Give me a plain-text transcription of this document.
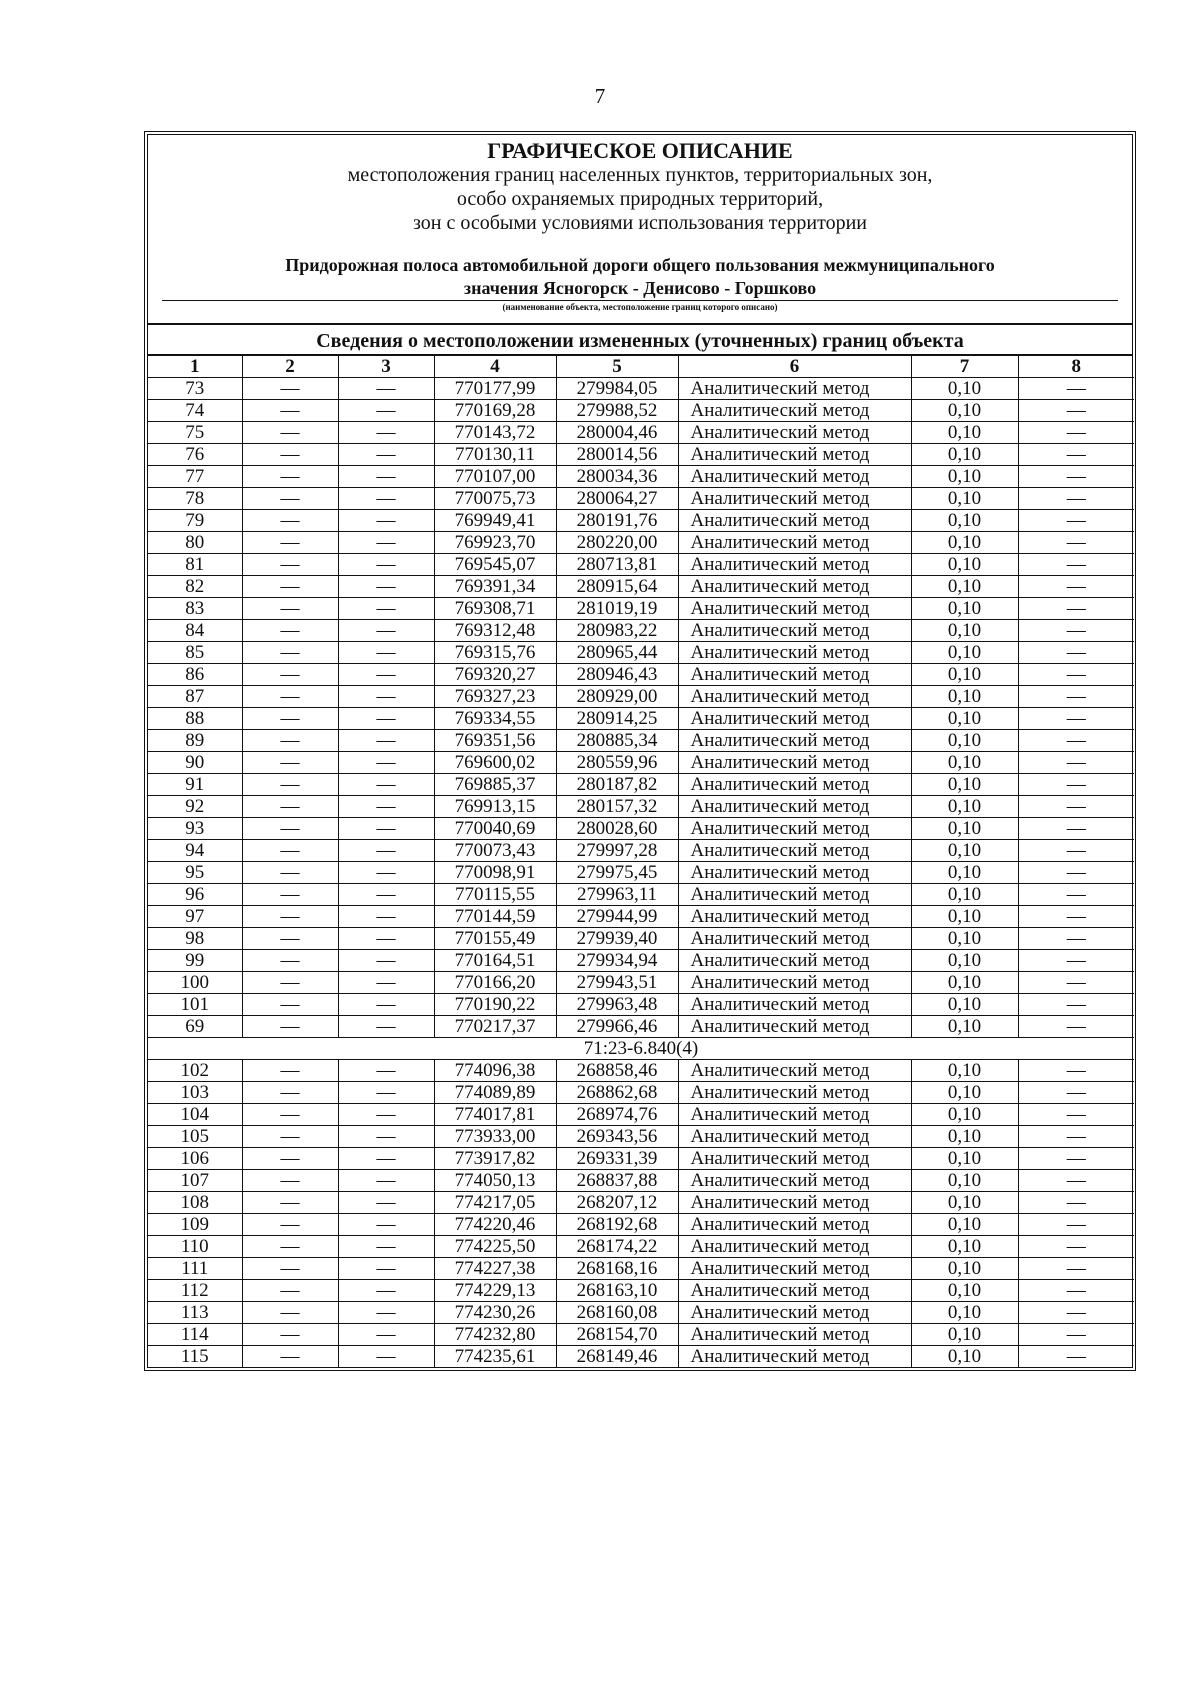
7
ГРАФИЧЕСКОЕ ОПИСАНИЕ
местоположения границ населенных пунктов, территориальных зон,
особо охраняемых природных территорий,
зон с особыми условиями использования территории
Придорожная полоса автомобильной дороги общего пользования межмуниципального
значения Ясногорск - Денисово - Горшково
(наименование объекта, местоположение границ которого описано)
Сведения о местоположении измененных (уточненных) границ объекта
1	2	3	4	5	6	7	8
73	—	—	770177,99	279984,05	Аналитический метод	0,10	—
74	—	—	770169,28	279988,52	Аналитический метод	0,10	—
75	—	—	770143,72	280004,46	Аналитический метод	0,10	—
76	—	—	770130,11	280014,56	Аналитический метод	0,10	—
77	—	—	770107,00	280034,36	Аналитический метод	0,10	—
78	—	—	770075,73	280064,27	Аналитический метод	0,10	—
79	—	—	769949,41	280191,76	Аналитический метод	0,10	—
80	—	—	769923,70	280220,00	Аналитический метод	0,10	—
81	—	—	769545,07	280713,81	Аналитический метод	0,10	—
82	—	—	769391,34	280915,64	Аналитический метод	0,10	—
83	—	—	769308,71	281019,19	Аналитический метод	0,10	—
84	—	—	769312,48	280983,22	Аналитический метод	0,10	—
85	—	—	769315,76	280965,44	Аналитический метод	0,10	—
86	—	—	769320,27	280946,43	Аналитический метод	0,10	—
87	—	—	769327,23	280929,00	Аналитический метод	0,10	—
88	—	—	769334,55	280914,25	Аналитический метод	0,10	—
89	—	—	769351,56	280885,34	Аналитический метод	0,10	—
90	—	—	769600,02	280559,96	Аналитический метод	0,10	—
91	—	—	769885,37	280187,82	Аналитический метод	0,10	—
92	—	—	769913,15	280157,32	Аналитический метод	0,10	—
93	—	—	770040,69	280028,60	Аналитический метод	0,10	—
94	—	—	770073,43	279997,28	Аналитический метод	0,10	—
95	—	—	770098,91	279975,45	Аналитический метод	0,10	—
96	—	—	770115,55	279963,11	Аналитический метод	0,10	—
97	—	—	770144,59	279944,99	Аналитический метод	0,10	—
98	—	—	770155,49	279939,40	Аналитический метод	0,10	—
99	—	—	770164,51	279934,94	Аналитический метод	0,10	—
100	—	—	770166,20	279943,51	Аналитический метод	0,10	—
101	—	—	770190,22	279963,48	Аналитический метод	0,10	—
69	—	—	770217,37	279966,46	Аналитический метод	0,10	—
71:23-6.840(4)							
102	—	—	774096,38	268858,46	Аналитический метод	0,10	—
103	—	—	774089,89	268862,68	Аналитический метод	0,10	—
104	—	—	774017,81	268974,76	Аналитический метод	0,10	—
105	—	—	773933,00	269343,56	Аналитический метод	0,10	—
106	—	—	773917,82	269331,39	Аналитический метод	0,10	—
107	—	—	774050,13	268837,88	Аналитический метод	0,10	—
108	—	—	774217,05	268207,12	Аналитический метод	0,10	—
109	—	—	774220,46	268192,68	Аналитический метод	0,10	—
110	—	—	774225,50	268174,22	Аналитический метод	0,10	—
111	—	—	774227,38	268168,16	Аналитический метод	0,10	—
112	—	—	774229,13	268163,10	Аналитический метод	0,10	—
113	—	—	774230,26	268160,08	Аналитический метод	0,10	—
114	—	—	774232,80	268154,70	Аналитический метод	0,10	—
115	—	—	774235,61	268149,46	Аналитический метод	0,10	—
